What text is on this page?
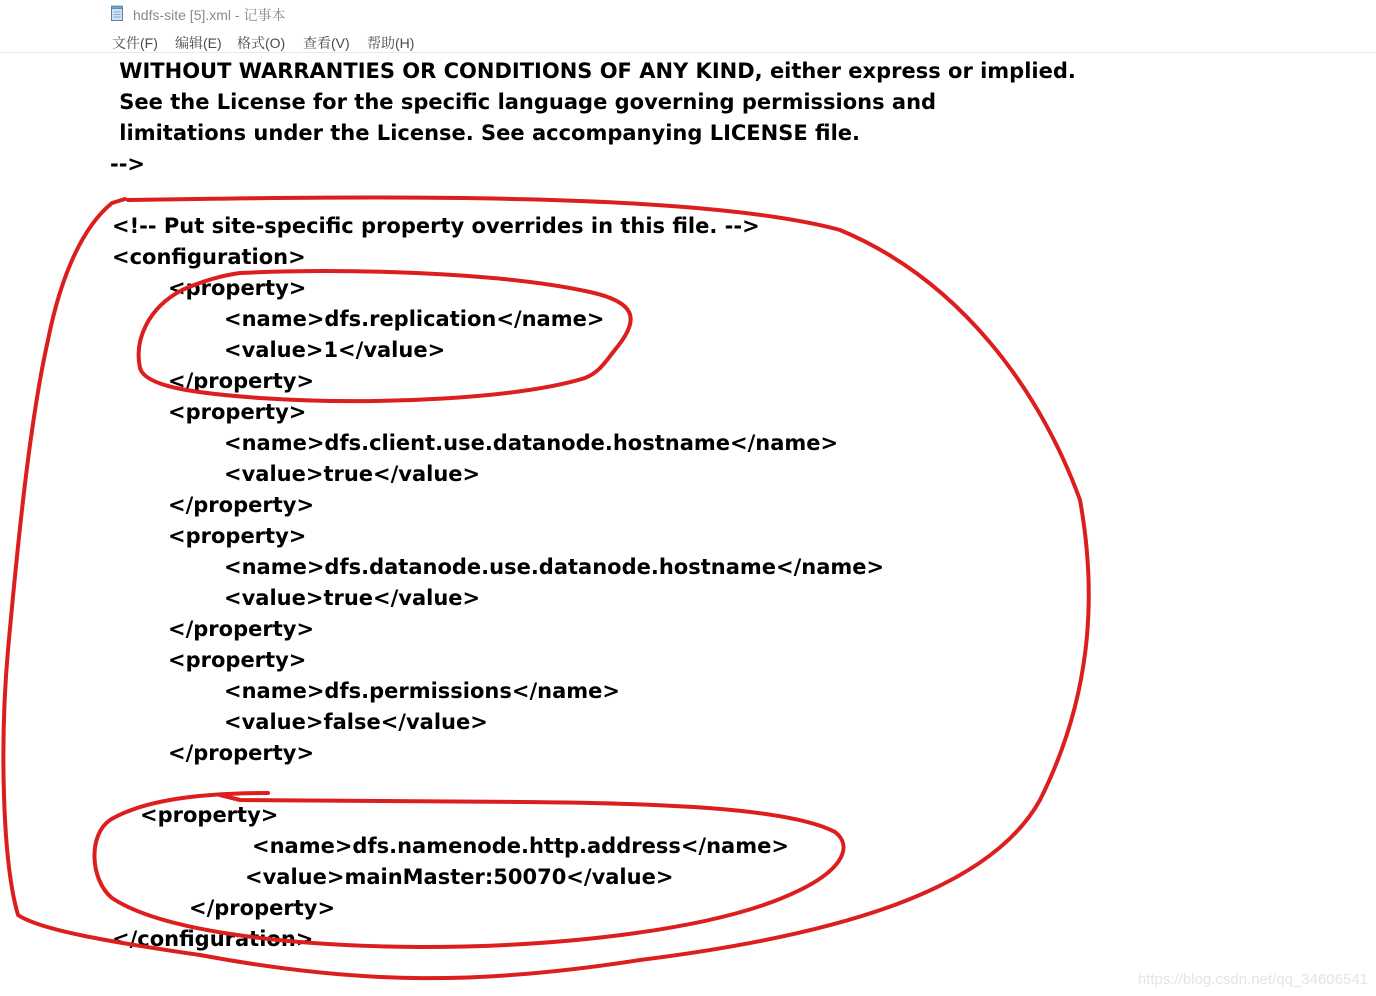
hdfs-site [5].xml - 记事本
文件(F) 编辑(E) 格式(O) 查看(V) 帮助(H)
WITHOUT WARRANTIES OR CONDITIONS OF ANY KIND, either express or implied.
See the License for the specific language governing permissions and
limitations under the License. See accompanying LICENSE file.
-->
<!-- Put site-specific property overrides in this file. -->
<configuration>
<property>
<name>dfs.replication</name>
<value>1</value>
</property>
<property>
<name>dfs.client.use.datanode.hostname</name>
<value>true</value>
</property>
<property>
<name>dfs.datanode.use.datanode.hostname</name>
<value>true</value>
</property>
<property>
<name>dfs.permissions</name>
<value>false</value>
</property>
<property>
<name>dfs.namenode.http.address</name>
<value>mainMaster:50070</value>
</property>
</configuration>
https://blog.csdn.net/qq_34606541
